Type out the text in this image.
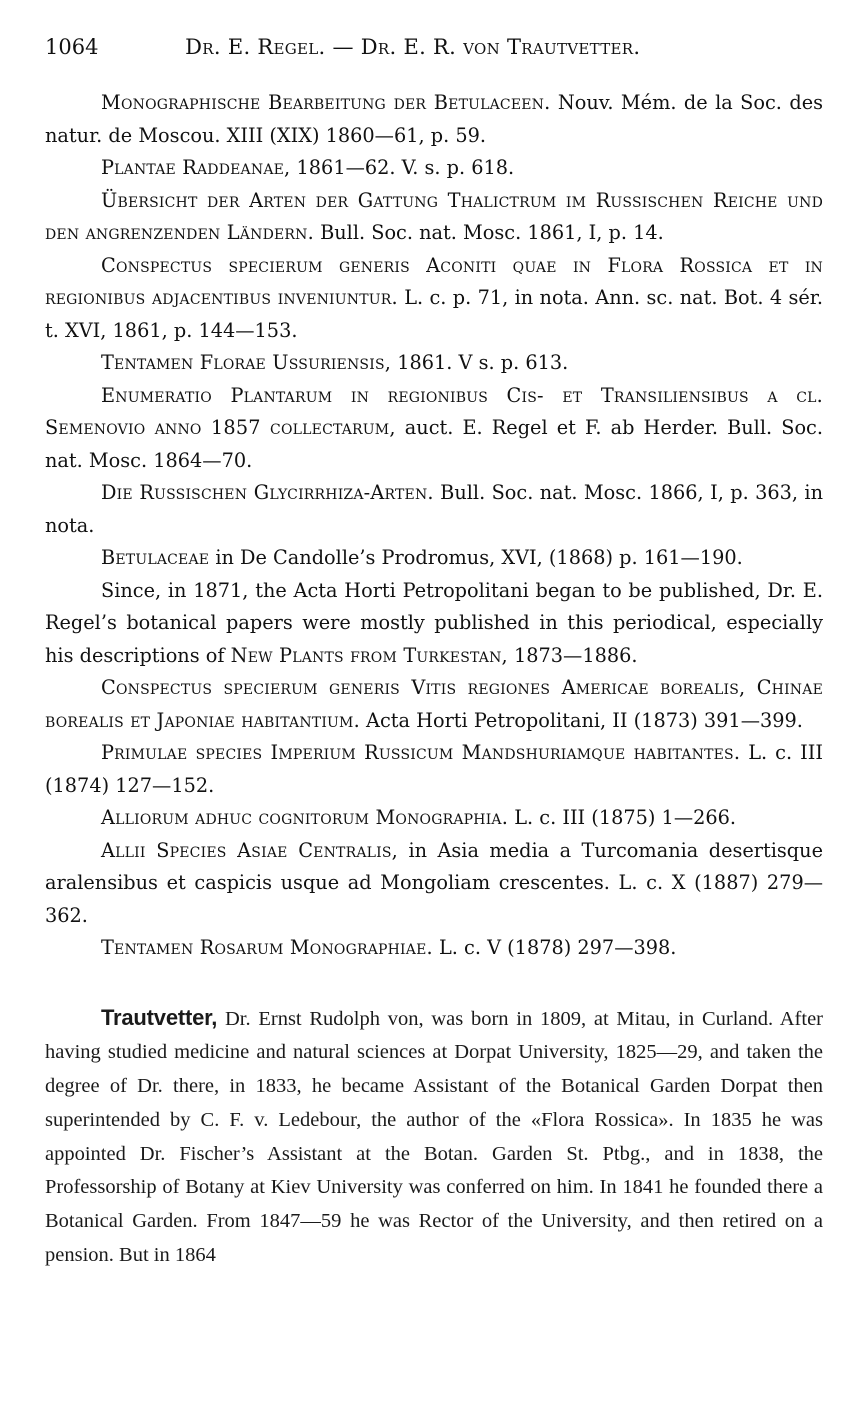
1064	Dr. E. Regel. — Dr. E. R. von Trautvetter.

Monographische Bearbeitung der Betulaceen. Nouv. Mém. de la Soc. des natur. de Moscou. XIII (XIX) 1860—61, p. 59.

Plantae Raddeanae, 1861—62. V. s. p. 618.

Übersicht der Arten der Gattung Thalictrum im Russischen Reiche und den angrenzenden Ländern. Bull. Soc. nat. Mosc. 1861, I, p. 14.

Conspectus specierum generis Aconiti quae in Flora Rossica et in regionibus adjacentibus inveniuntur. L. c. p. 71, in nota. Ann. sc. nat. Bot. 4 sér. t. XVI, 1861, p. 144—153.

Tentamen Florae Ussuriensis, 1861. V s. p. 613.

Enumeratio Plantarum in regionibus Cis- et Transiliensibus a cl. Semenovio anno 1857 collectarum, auct. E. Regel et F. ab Herder. Bull. Soc. nat. Mosc. 1864—70.

Die Russischen Glycirrhiza-Arten. Bull. Soc. nat. Mosc. 1866, I, p. 363, in nota.

Betulaceae in De Candolle’s Prodromus, XVI, (1868) p. 161—190.

Since, in 1871, the Acta Horti Petropolitani began to be published, Dr. E. Regel’s botanical papers were mostly published in this periodical, especially his descriptions of New Plants from Turkestan, 1873—1886.

Conspectus specierum generis Vitis regiones Americae borealis, Chinae borealis et Japoniae habitantium. Acta Horti Petropolitani, II (1873) 391—399.

Primulae species Imperium Russicum Mandshuriamque habitantes. L. c. III (1874) 127—152.

Alliorum adhuc cognitorum Monographia. L. c. III (1875) 1—266.

Allii Species Asiae Centralis, in Asia media a Turcomania desertisque aralensibus et caspicis usque ad Mongoliam crescentes. L. c. X (1887) 279—362.

Tentamen Rosarum Monographiae. L. c. V (1878) 297—398.

Trautvetter, Dr. Ernst Rudolph von, was born in 1809, at Mitau, in Curland. After having studied medicine and natural sciences at Dorpat University, 1825—29, and taken the degree of Dr. there, in 1833, he became Assistant of the Botanical Garden Dorpat then superintended by C. F. v. Ledebour, the author of the «Flora Rossica». In 1835 he was appointed Dr. Fischer’s Assistant at the Botan. Garden St. Ptbg., and in 1838, the Professorship of Botany at Kiev University was conferred on him. In 1841 he founded there a Botanical Garden. From 1847—59 he was Rector of the University, and then retired on a pension. But in 1864
